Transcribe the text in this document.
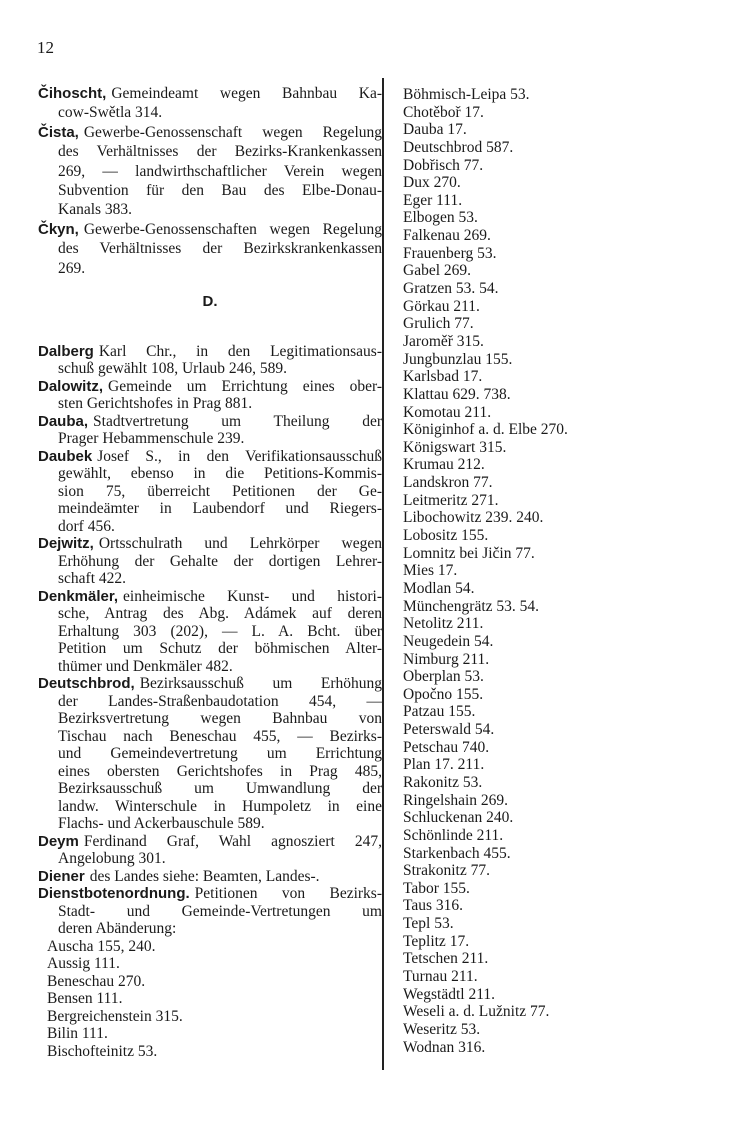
12
Čihoscht, Gemeindeamt wegen Bahnbau Ka-
cow-Swětla 314.
Čista, Gewerbe-Genossenschaft wegen Regelung
des Verhältnisses der Bezirks-Krankenkassen
269, — landwirthschaftlicher Verein wegen
Subvention für den Bau des Elbe-Donau-
Kanals 383.
Čkyn, Gewerbe-Genossenschaften wegen Regelung
des Verhältnisses der Bezirkskrankenkassen
269.
D.
Dalberg Karl Chr., in den Legitimationsaus-
schuß gewählt 108, Urlaub 246, 589.
Dalowitz, Gemeinde um Errichtung eines ober-
sten Gerichtshofes in Prag 881.
Dauba, Stadtvertretung um Theilung der
Prager Hebammenschule 239.
Daubek Josef S., in den Verifikationsausschuß
gewählt, ebenso in die Petitions-Kommis-
sion 75, überreicht Petitionen der Ge-
meindeämter in Laubendorf und Riegers-
dorf 456.
Dejwitz, Ortsschulrath und Lehrkörper wegen
Erhöhung der Gehalte der dortigen Lehrer-
schaft 422.
Denkmäler, einheimische Kunst- und histori-
sche, Antrag des Abg. Adámek auf deren
Erhaltung 303 (202), — L. A. Bcht. über
Petition um Schutz der böhmischen Alter-
thümer und Denkmäler 482.
Deutschbrod, Bezirksausschuß um Erhöhung
der Landes-Straßenbaudotation 454, —
Bezirksvertretung wegen Bahnbau von
Tischau nach Beneschau 455, — Bezirks-
und Gemeindevertretung um Errichtung
eines obersten Gerichtshofes in Prag 485,
Bezirksausschuß um Umwandlung der
landw. Winterschule in Humpoletz in eine
Flachs- und Ackerbauschule 589.
Deym Ferdinand Graf, Wahl agnosziert 247,
Angelobung 301.
Diener des Landes siehe: Beamten, Landes-.
Dienstbotenordnung. Petitionen von Bezirks-
Stadt- und Gemeinde-Vertretungen um
deren Abänderung:
Auscha 155, 240.
Aussig 111.
Beneschau 270.
Bensen 111.
Bergreichenstein 315.
Bilin 111.
Bischofteinitz 53.
Böhmisch-Leipa 53.
Chotěboř 17.
Dauba 17.
Deutschbrod 587.
Dobřisch 77.
Dux 270.
Eger 111.
Elbogen 53.
Falkenau 269.
Frauenberg 53.
Gabel 269.
Gratzen 53. 54.
Görkau 211.
Grulich 77.
Jaroměř 315.
Jungbunzlau 155.
Karlsbad 17.
Klattau 629. 738.
Komotau 211.
Königinhof a. d. Elbe 270.
Königswart 315.
Krumau 212.
Landskron 77.
Leitmeritz 271.
Libochowitz 239. 240.
Lobositz 155.
Lomnitz bei Jičin 77.
Mies 17.
Modlan 54.
Münchengrätz 53. 54.
Netolitz 211.
Neugedein 54.
Nimburg 211.
Oberplan 53.
Opočno 155.
Patzau 155.
Peterswald 54.
Petschau 740.
Plan 17. 211.
Rakonitz 53.
Ringelshain 269.
Schluckenan 240.
Schönlinde 211.
Starkenbach 455.
Strakonitz 77.
Tabor 155.
Taus 316.
Tepl 53.
Teplitz 17.
Tetschen 211.
Turnau 211.
Wegstädtl 211.
Weseli a. d. Lužnitz 77.
Weseritz 53.
Wodnan 316.
